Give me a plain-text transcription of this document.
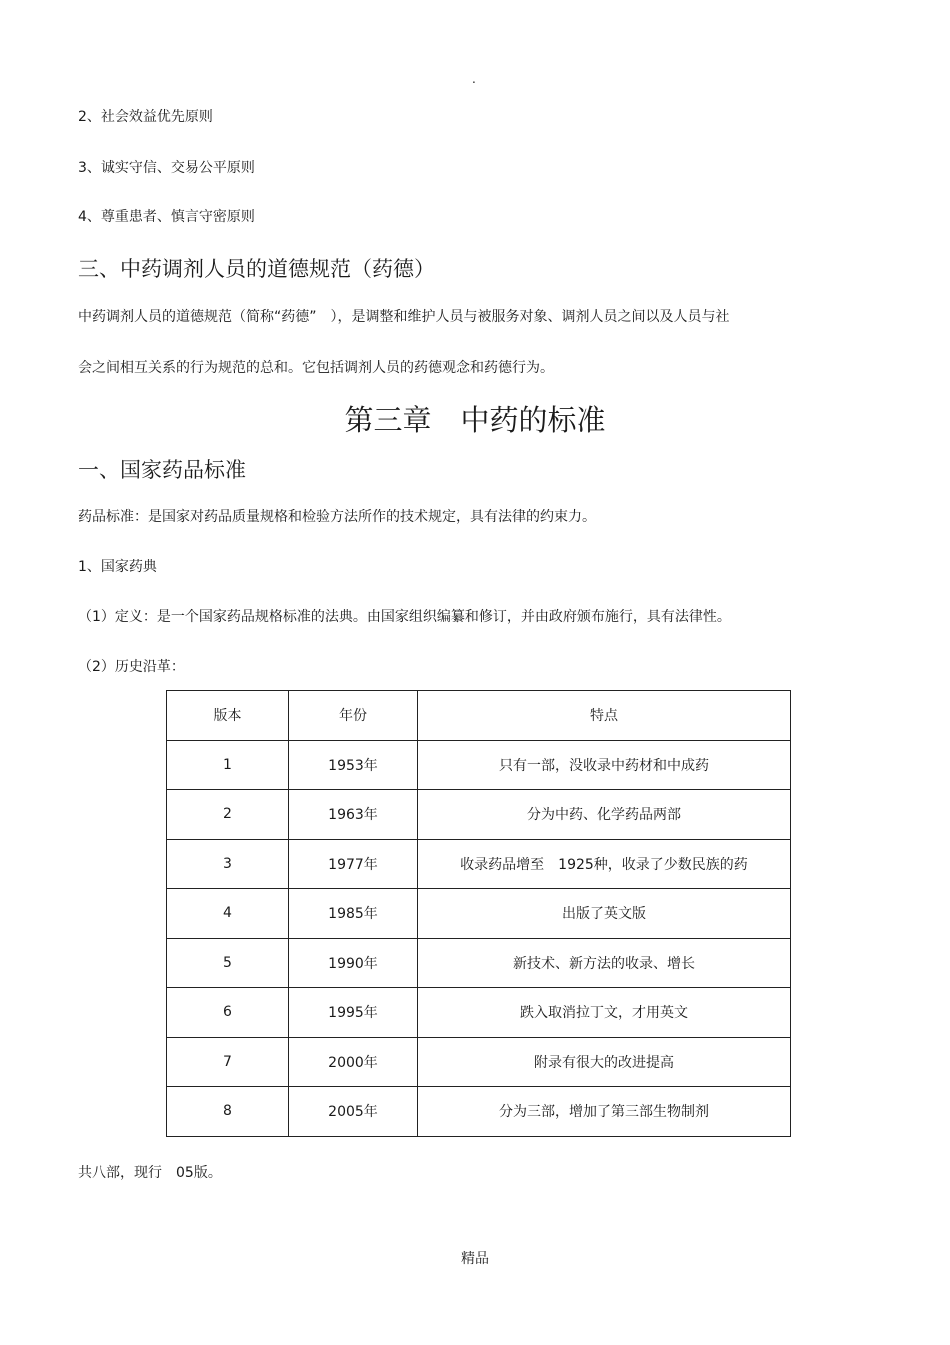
.
2、社会效益优先原则
3、诚实守信、交易公平原则
4、尊重患者、慎言守密原则
三、中药调剂人员的道德规范（药德）
中药调剂人员的道德规范（简称“药德”　），是调整和维护人员与被服务对象、调剂人员之间以及人员与社
会之间相互关系的行为规范的总和。它包括调剂人员的药德观念和药德行为。
第三章　中药的标准
一、国家药品标准
药品标准：是国家对药品质量规格和检验方法所作的技术规定，具有法律的约束力。
1、国家药典
（1）定义：是一个国家药品规格标准的法典。由国家组织编纂和修订，并由政府颁布施行，具有法律性。
（2）历史沿革：
版本	年份	特点
1	1953年	只有一部，没收录中药材和中成药
2	1963年	分为中药、化学药品两部
3	1977年	收录药品增至　1925种，收录了少数民族的药
4	1985年	出版了英文版
5	1990年	新技术、新方法的收录、增长
6	1995年	跌入取消拉丁文，才用英文
7	2000年	附录有很大的改进提高
8	2005年	分为三部，增加了第三部生物制剂
共八部，现行　05版。
精品
